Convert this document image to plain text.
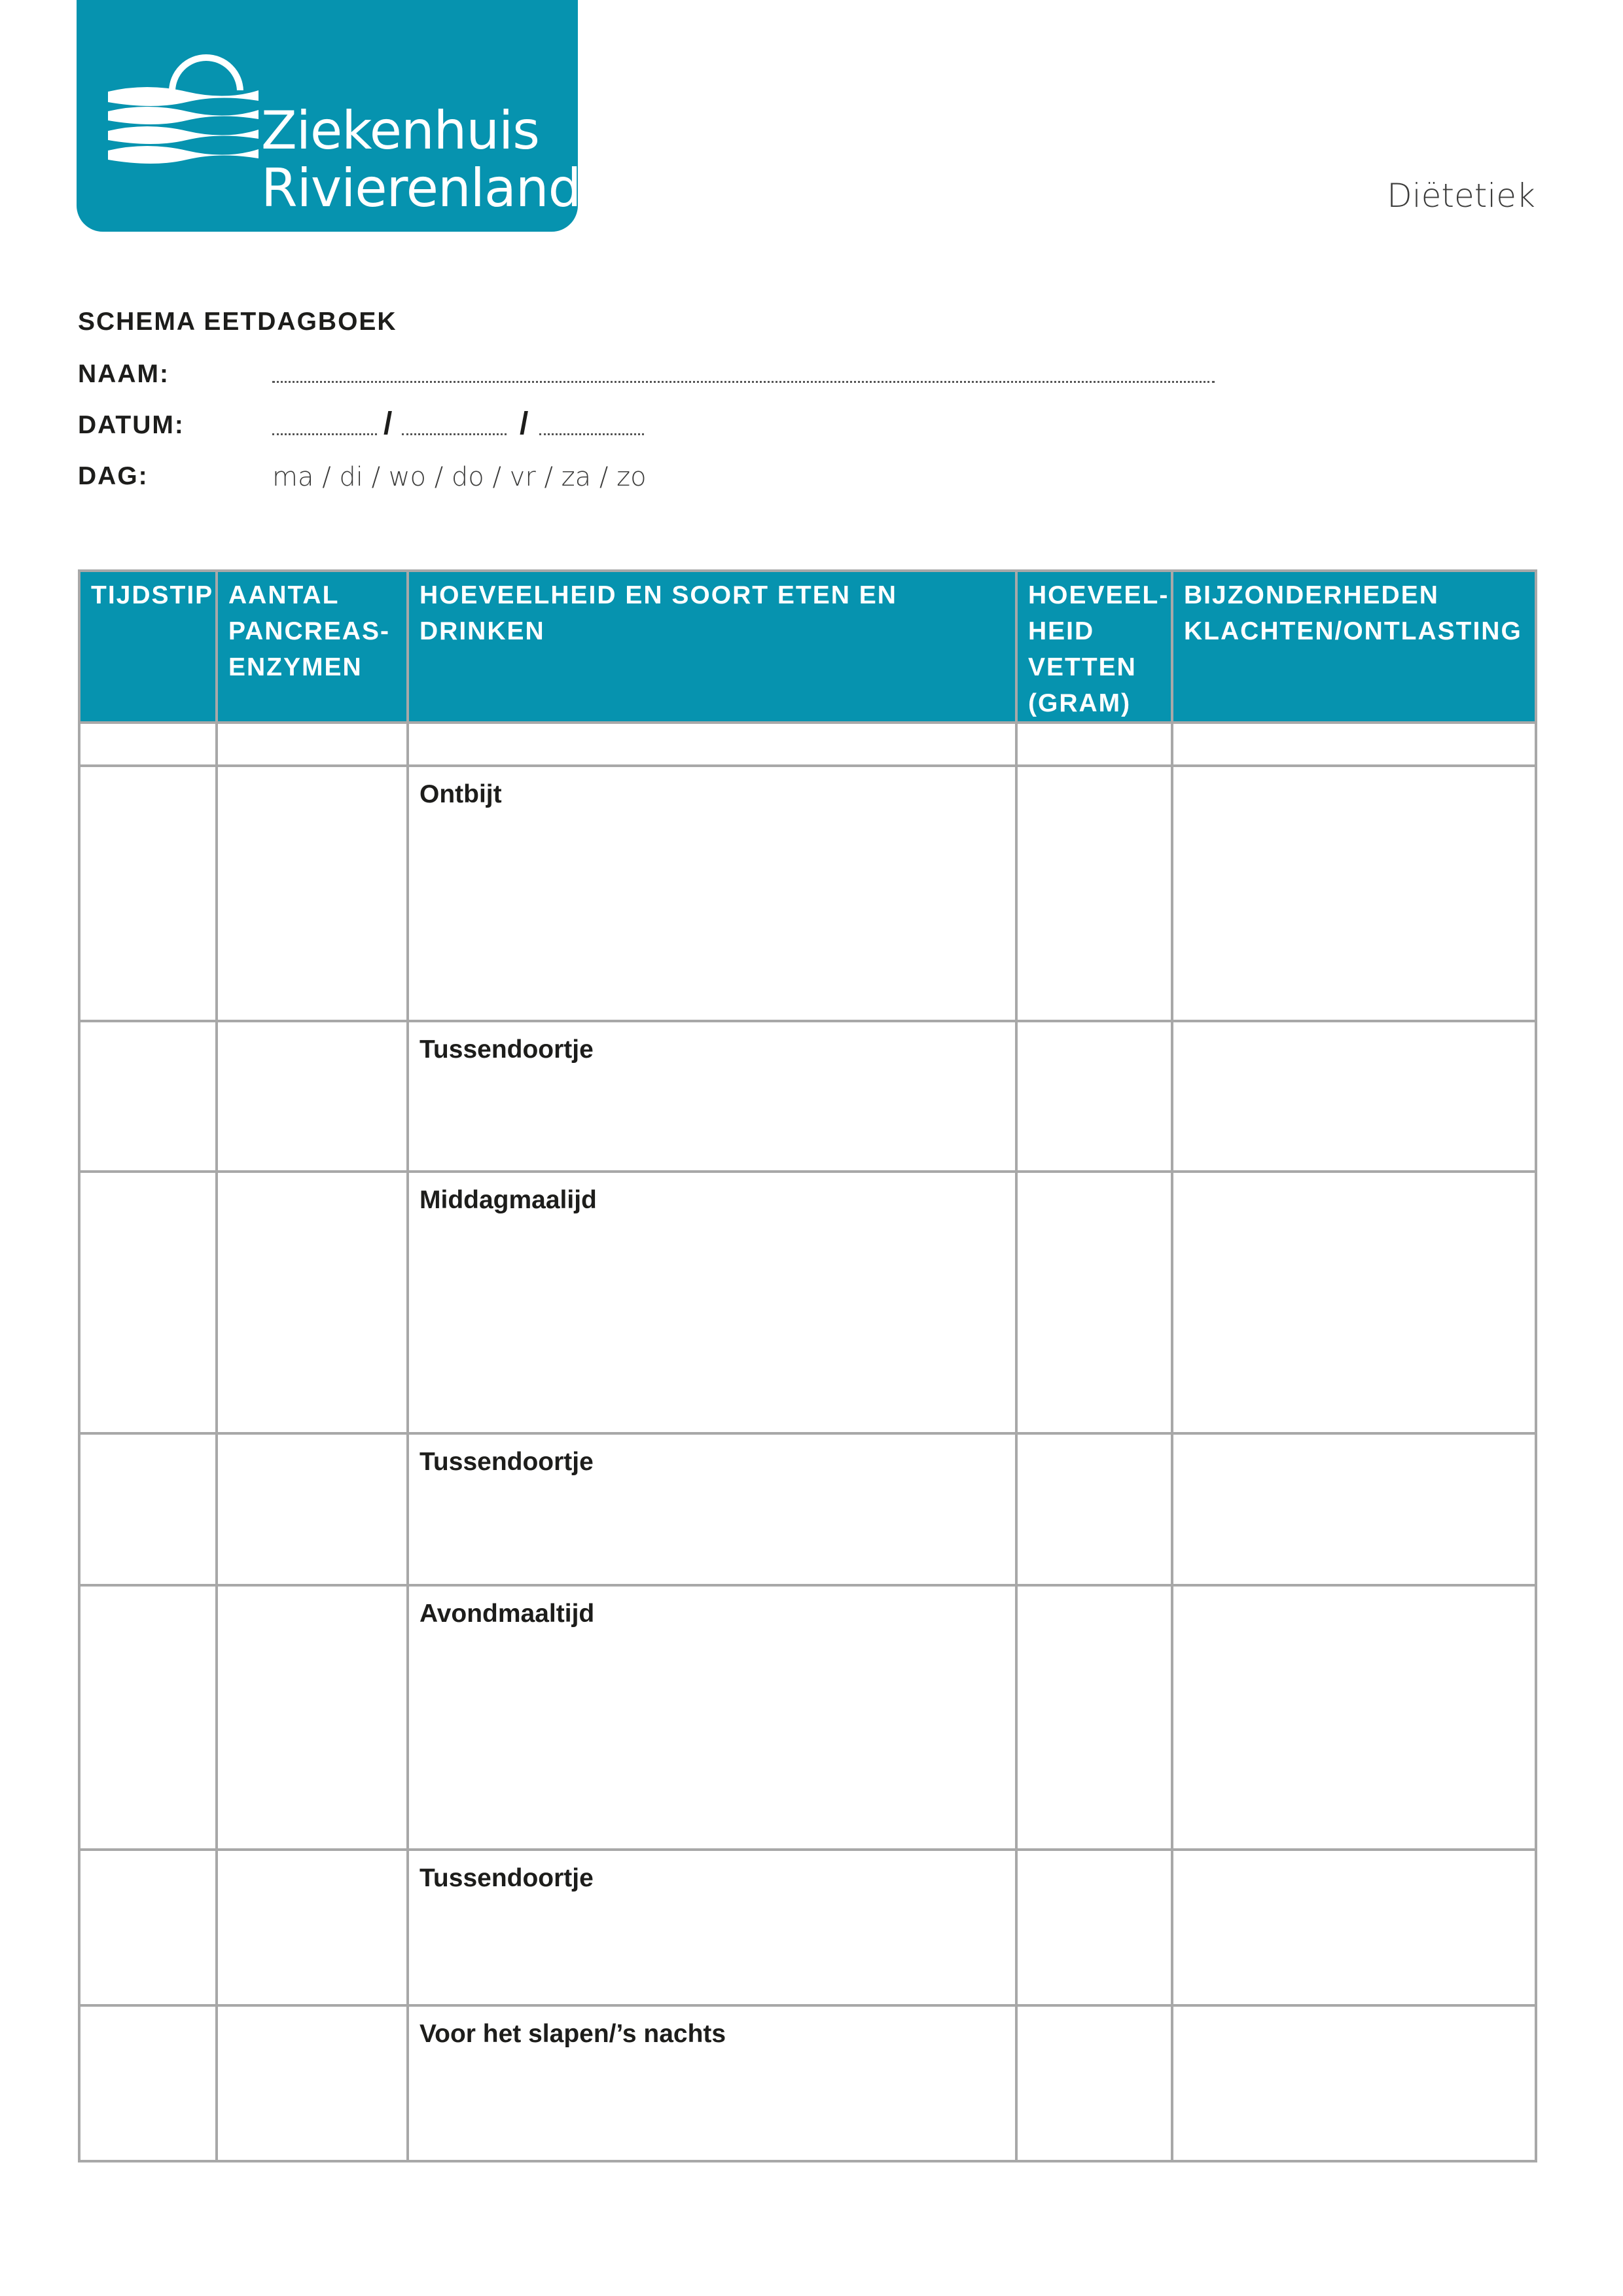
Ziekenhuis
Rivierenland	Diëtetiek
SCHEMA EETDAGBOEK
NAAM:
DATUM:	/	/
DAG:	ma / di / wo / do / vr / za / zo
TIJDSTIP	AANTAL PANCREAS-ENZYMEN	HOEVEELHEID EN SOORT ETEN EN DRINKEN	HOEVEEL-HEID VETTEN (GRAM)	BIJZONDERHEDEN KLACHTEN/ONTLASTING

		Ontbijt		

		Tussendoortje		

		Middagmaalijd		

		Tussendoortje		

		Avondmaaltijd		

		Tussendoortje		

		Voor het slapen/’s nachts		
